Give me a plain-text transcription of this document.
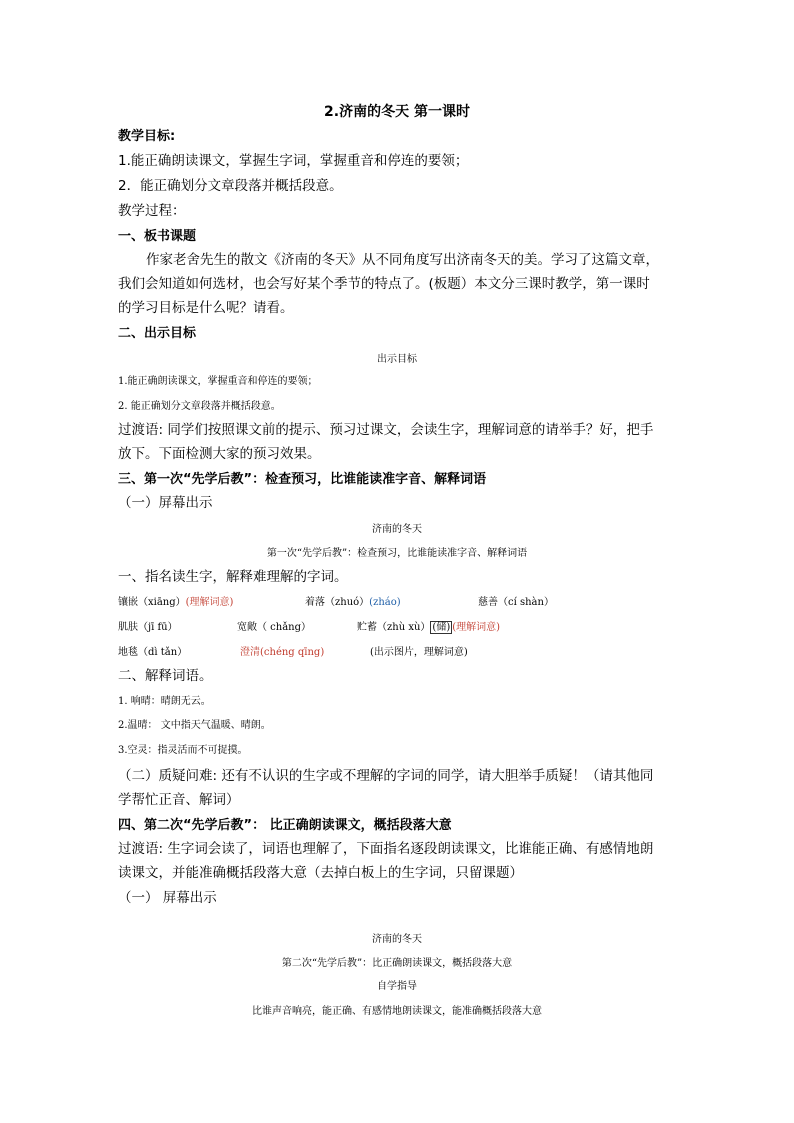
2.济南的冬天 第一课时
教学目标:
1.能正确朗读课文，掌握生字词，掌握重音和停连的要领；
2．能正确划分文章段落并概括段意。
教学过程：
一、板书课题
作家老舍先生的散文《济南的冬天》从不同角度写出济南冬天的美。学习了这篇文章，
我们会知道如何选材，也会写好某个季节的特点了。(板题）本文分三课时教学，第一课时
的学习目标是什么呢？请看。
二、出示目标
出示目标
1.能正确朗读课文，掌握重音和停连的要领；
2. 能正确划分文章段落并概括段意。
过渡语: 同学们按照课文前的提示、预习过课文，会读生字，理解词意的请举手？好，把手
放下。下面检测大家的预习效果。
三、第一次“先学后教”：检查预习，比谁能读准字音、解释词语
（一）屏幕出示
济南的冬天
第一次“先学后教”：检查预习，比谁能读准字音、解释词语
一、指名读生字，解释难理解的字词。
镶嵌（xiāng）(理解词意)	着落（zhuó）(zháo)	慈善（cí shàn）
肌肤（jī fū）	宽敞（ chǎng）	贮蓄（zhù xù） (储) (理解词意)
地毯（dì tǎn）	澄清(chéng qīng)	(出示图片，理解词意)
二、解释词语。
1. 响晴：晴朗无云。
2.温晴： 文中指天气温暖、晴朗。
3.空灵：指灵活而不可捉摸。
（二）质疑问难: 还有不认识的生字或不理解的字词的同学，请大胆举手质疑！（请其他同
学帮忙正音、解词）
四、第二次“先学后教”： 比正确朗读课文，概括段落大意
过渡语: 生字词会读了，词语也理解了，下面指名逐段朗读课文，比谁能正确、有感情地朗
读课文，并能准确概括段落大意（去掉白板上的生字词，只留课题）
（一） 屏幕出示
济南的冬天
第二次“先学后教”：比正确朗读课文，概括段落大意
自学指导
比谁声音响亮，能正确、有感情地朗读课文，能准确概括段落大意
